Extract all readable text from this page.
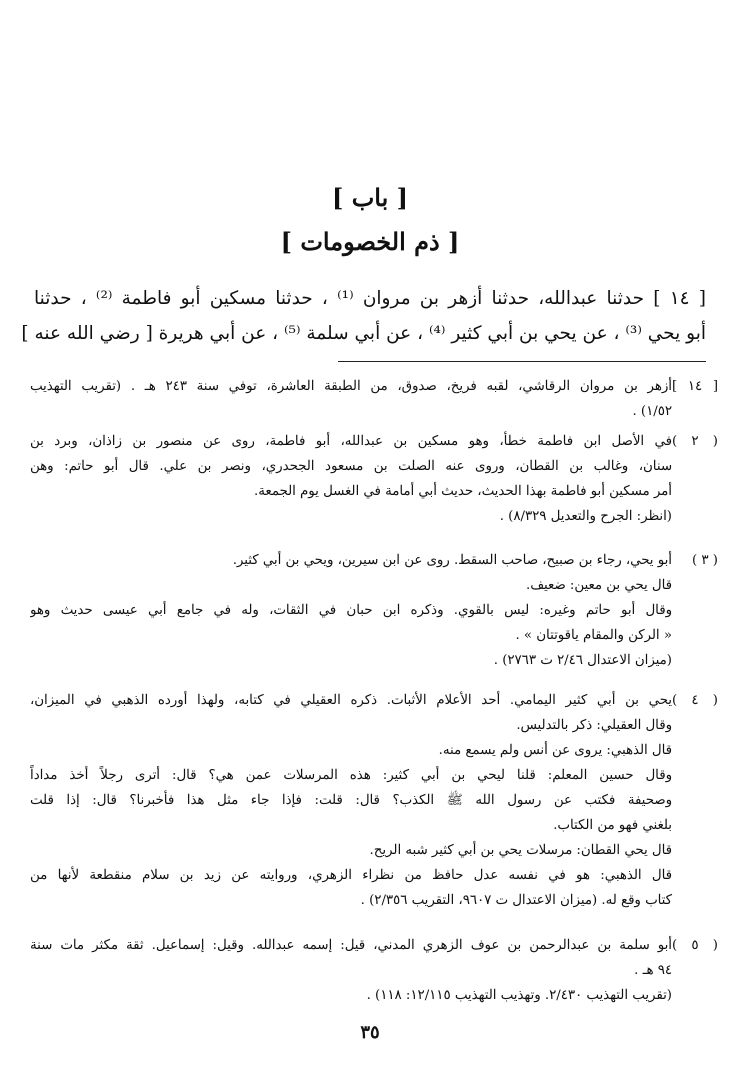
[ باب ]
[ ذم الخصومات ]
[ ١٤ ] حدثنا عبدالله، حدثنا أزهر بن مروان ⁽¹⁾ ، حدثنا مسكين أبو فاطمة ⁽²⁾ ، حدثنا
أبو يحي ⁽³⁾ ، عن يحي بن أبي كثير ⁽⁴⁾ ، عن أبي سلمة ⁽⁵⁾ ، عن أبي هريرة [ رضي الله عنه ]
[ ١٤ ]أزهر بن مروان الرقاشي، لقبه فريخ، صدوق، من الطبقة العاشرة، توفي سنة ٢٤٣ هـ . (تقريب التهذيب
١/٥٢) .
( ٢ )في الأصل ابن فاطمة خطأ، وهو مسكين بن عبدالله، أبو فاطمة، روى عن منصور بن زاذان، وبرد بن
سنان، وغالب بن القطان، وروى عنه الصلت بن مسعود الجحدري، ونصر بن علي. قال أبو حاتم: وهن
أمر مسكين أبو فاطمة بهذا الحديث، حديث أبي أمامة في الغسل يوم الجمعة.
(انظر: الجرح والتعديل ٨/٣٢٩) .
( ٣ )أبو يحي، رجاء بن صبيح، صاحب السقط. روى عن ابن سيرين، ويحي بن أبي كثير.
قال يحي بن معين: ضعيف.
وقال أبو حاتم وغيره: ليس بالقوي. وذكره ابن حبان في الثقات، وله في جامع أبي عيسى حديث وهو
« الركن والمقام ياقوتتان » .
(ميزان الاعتدال ٢/٤٦ ت ٢٧٦٣) .
( ٤ )يحي بن أبي كثير اليمامي. أحد الأعلام الأثبات. ذكره العقيلي في كتابه، ولهذا أورده الذهبي في الميزان،
وقال العقيلي: ذكر بالتدليس.
قال الذهبي: يروى عن أنس ولم يسمع منه.
وقال حسين المعلم: قلنا ليحي بن أبي كثير: هذه المرسلات عمن هي؟ قال: أترى رجلاً أخذ مداداً
وصحيفة فكتب عن رسول الله ﷺ الكذب؟ قال: قلت: فإذا جاء مثل هذا فأخبرنا؟ قال: إذا قلت
بلغني فهو من الكتاب.
قال يحي القطان: مرسلات يحي بن أبي كثير شبه الريح.
قال الذهبي: هو في نفسه عدل حافظ من نظراء الزهري، وروايته عن زيد بن سلام منقطعة لأنها من
كتاب وقع له. (ميزان الاعتدال ت ٩٦٠٧، التقريب ٢/٣٥٦) .
( ٥ )أبو سلمة بن عبدالرحمن بن عوف الزهري المدني، قيل: إسمه عبدالله. وقيل: إسماعيل. ثقة مكثر مات سنة
٩٤ هـ .
(تقريب التهذيب ٢/٤٣٠. وتهذيب التهذيب ١٢/١١٥: ١١٨) .
٣٥
